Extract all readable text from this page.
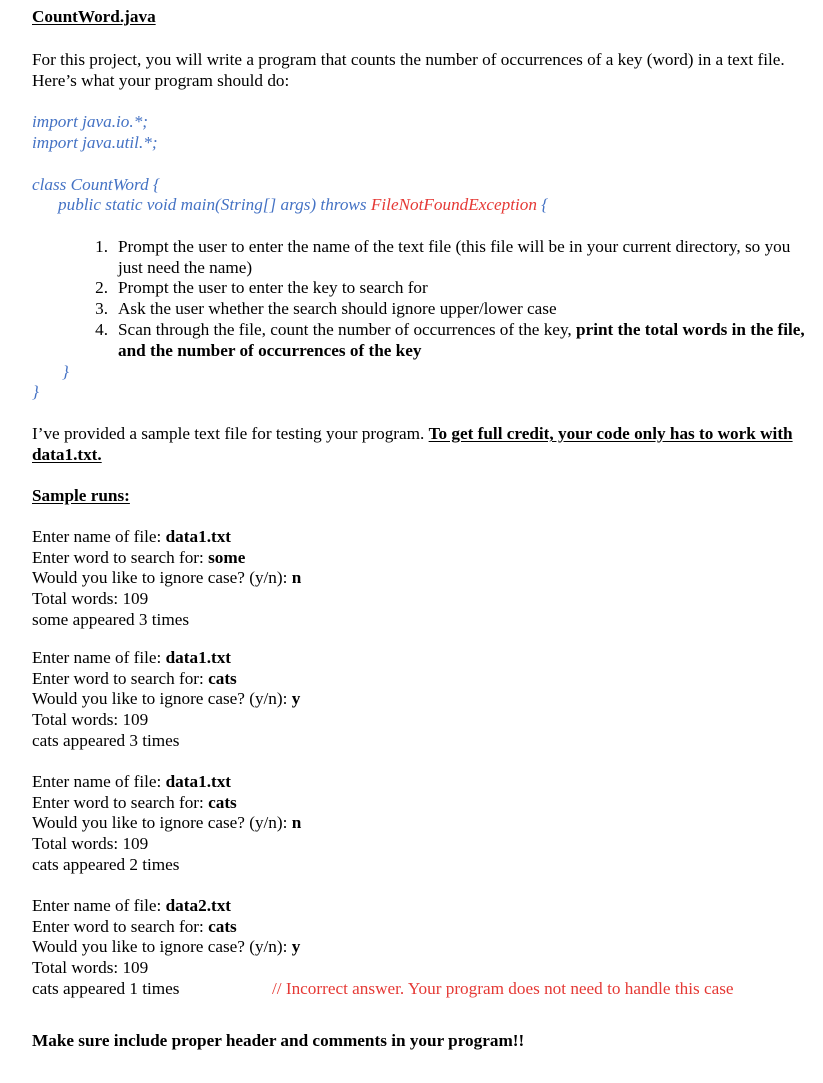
CountWord.java
For this project, you will write a program that counts the number of occurrences of a key (word) in a text file. Here’s what your program should do:
import java.io.*;
import java.util.*;
class CountWord {
public static void main(String[] args) throws FileNotFoundException {
1. Prompt the user to enter the name of the text file (this file will be in your current directory, so you just need the name)
2. Prompt the user to enter the key to search for
3. Ask the user whether the search should ignore upper/lower case
4. Scan through the file, count the number of occurrences of the key, print the total words in the file, and the number of occurrences of the key
}
}
I’ve provided a sample text file for testing your program. To get full credit, your code only has to work with data1.txt.
Sample runs:
Enter name of file: data1.txt
Enter word to search for: some
Would you like to ignore case? (y/n): n
Total words: 109
some appeared 3 times
Enter name of file: data1.txt
Enter word to search for: cats
Would you like to ignore case? (y/n): y
Total words: 109
cats appeared 3 times
Enter name of file: data1.txt
Enter word to search for: cats
Would you like to ignore case? (y/n): n
Total words: 109
cats appeared 2 times
Enter name of file: data2.txt
Enter word to search for: cats
Would you like to ignore case? (y/n): y
Total words: 109
cats appeared 1 times	// Incorrect answer. Your program does not need to handle this case
Make sure include proper header and comments in your program!!
